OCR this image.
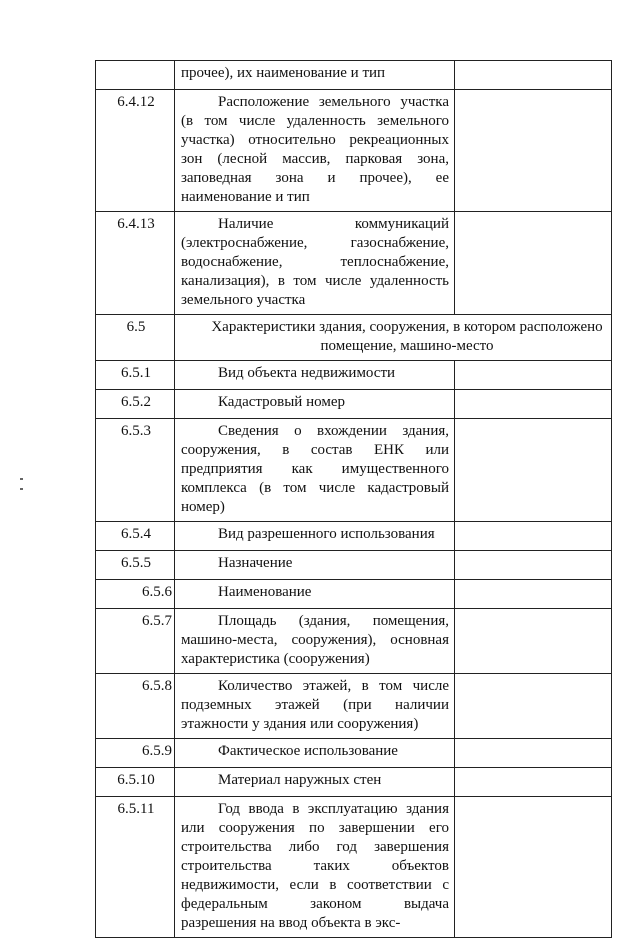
	прочее), их наименование и тип	
6.4.12	Расположение земельного участка (в том числе удаленность земельного участка) относительно рекреационных зон (лесной массив, парковая зона, заповедная зона и прочее), ее наименование и тип	
6.4.13	Наличие коммуникаций (электроснабжение, газоснабжение, водоснабжение, теплоснабжение, канализация), в том числе удаленность земельного участка	
6.5	Характеристики здания, сооружения, в котором расположено помещение, машино-место	
6.5.1	Вид объекта недвижимости	
6.5.2	Кадастровый номер	
6.5.3	Сведения о вхождении здания, сооружения, в состав ЕНК или предприятия как имущественного комплекса (в том числе кадастровый номер)	
6.5.4	Вид разрешенного использования	
6.5.5	Назначение	
6.5.6	Наименование	
6.5.7	Площадь (здания, помещения, машино-места, сооружения), основная характеристика (сооружения)	
6.5.8	Количество этажей, в том числе подземных этажей (при наличии этажности у здания или сооружения)	
6.5.9	Фактическое использование	
6.5.10	Материал наружных стен	
6.5.11	Год ввода в эксплуатацию здания или сооружения по завершении его строительства либо год завершения строительства таких объектов недвижимости, если в соответствии с федеральным законом выдача разрешения на ввод объекта в экс-	
